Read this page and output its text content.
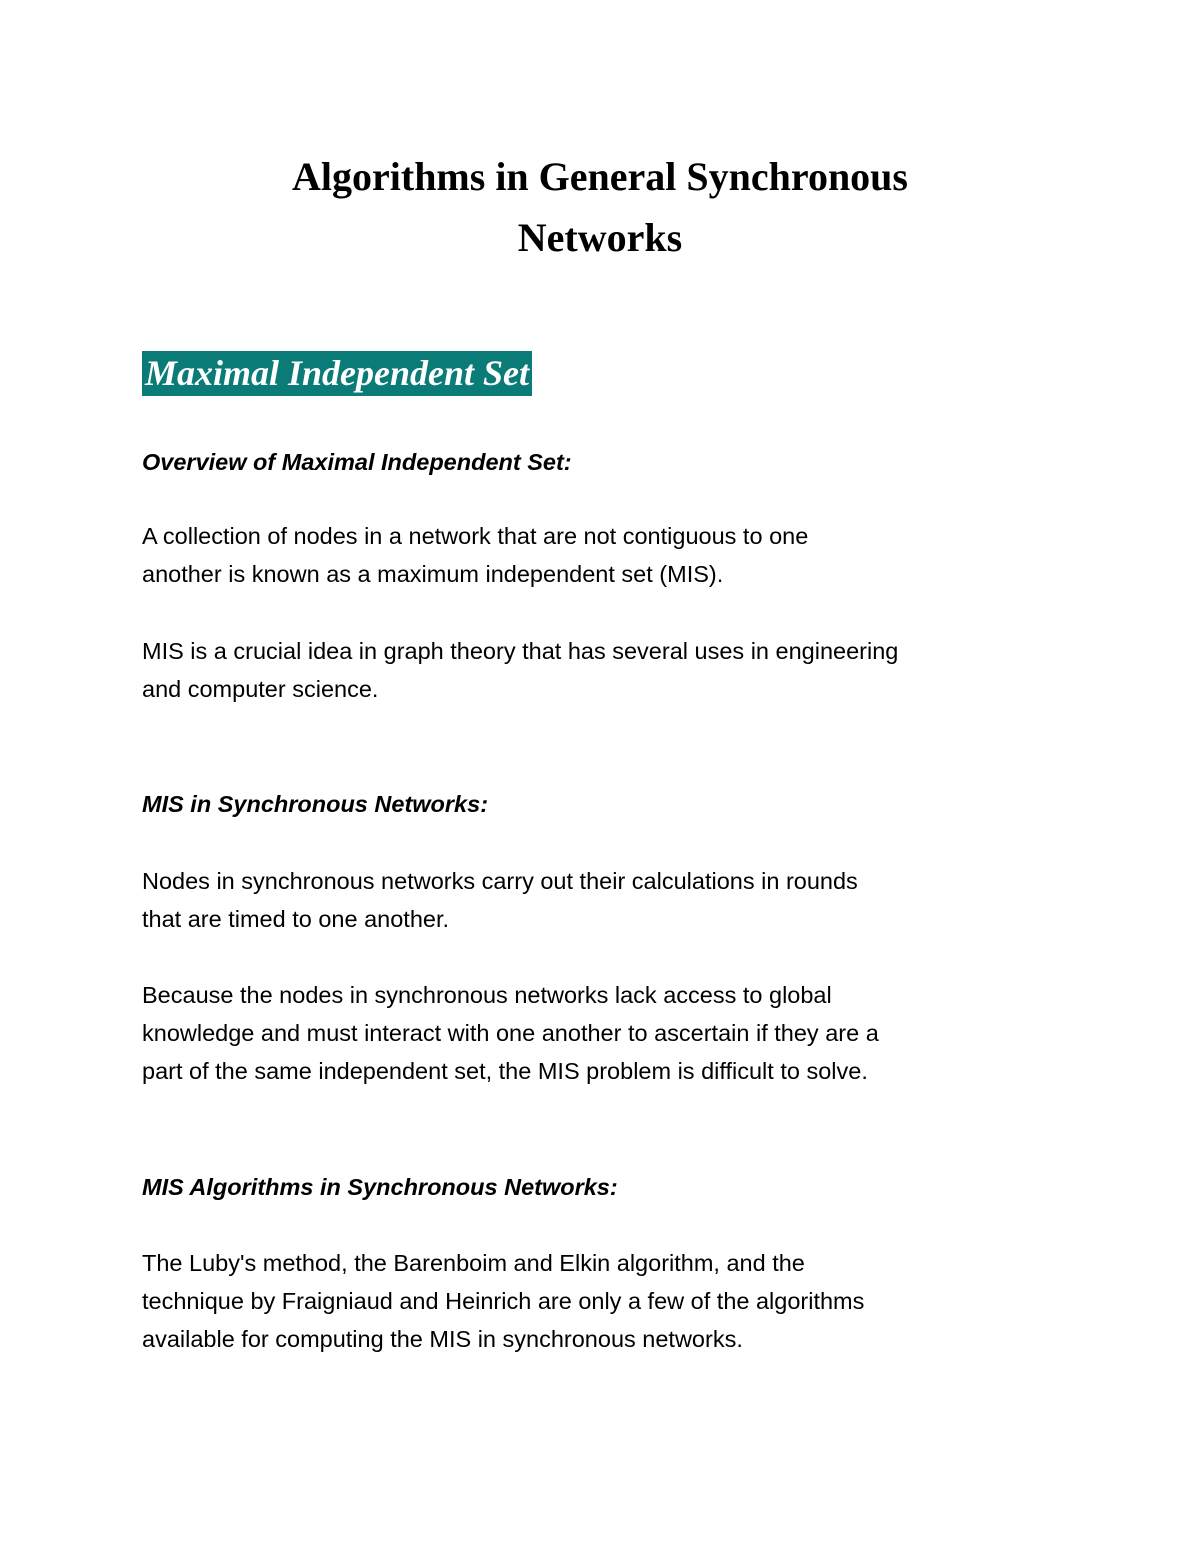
Algorithms in General Synchronous
Networks
Maximal Independent Set
Overview of Maximal Independent Set:

A collection of nodes in a network that are not contiguous to one
another is known as a maximum independent set (MIS).

MIS is a crucial idea in graph theory that has several uses in engineering
and computer science.

MIS in Synchronous Networks:

Nodes in synchronous networks carry out their calculations in rounds
that are timed to one another.

Because the nodes in synchronous networks lack access to global
knowledge and must interact with one another to ascertain if they are a
part of the same independent set, the MIS problem is difficult to solve.

MIS Algorithms in Synchronous Networks:

The Luby's method, the Barenboim and Elkin algorithm, and the
technique by Fraigniaud and Heinrich are only a few of the algorithms
available for computing the MIS in synchronous networks.
